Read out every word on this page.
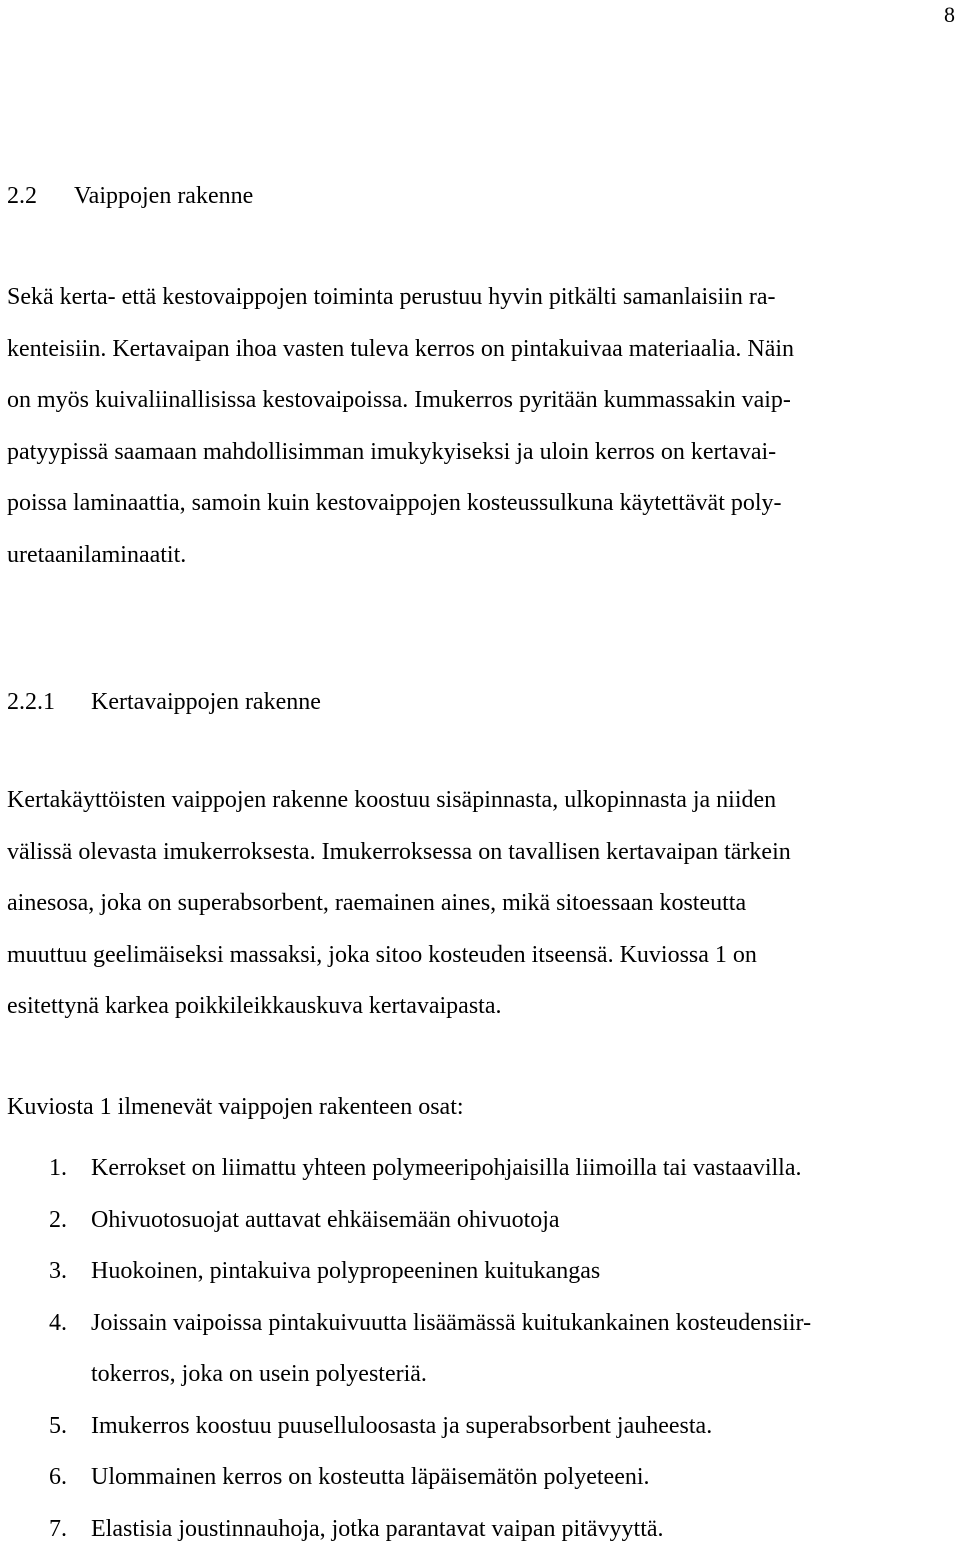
8
2.2 Vaippojen rakenne
Sekä kerta- että kestovaippojen toiminta perustuu hyvin pitkälti samanlaisiin ra-
kenteisiin. Kertavaipan ihoa vasten tuleva kerros on pintakuivaa materiaalia. Näin
on myös kuivaliinallisissa kestovaipoissa. Imukerros pyritään kummassakin vaip-
patyypissä saamaan mahdollisimman imukykyiseksi ja uloin kerros on kertavai-
poissa laminaattia, samoin kuin kestovaippojen kosteussulkuna käytettävät poly-
uretaanilaminaatit.
2.2.1 Kertavaippojen rakenne
Kertakäyttöisten vaippojen rakenne koostuu sisäpinnasta, ulkopinnasta ja niiden
välissä olevasta imukerroksesta. Imukerroksessa on tavallisen kertavaipan tärkein
ainesosa, joka on superabsorbent, raemainen aines, mikä sitoessaan kosteutta
muuttuu geelimäiseksi massaksi, joka sitoo kosteuden itseensä. Kuviossa 1 on
esitettynä karkea poikkileikkauskuva kertavaipasta.
Kuviosta 1 ilmenevät vaippojen rakenteen osat:
1. Kerrokset on liimattu yhteen polymeeripohjaisilla liimoilla tai vastaavilla.
2. Ohivuotosuojat auttavat ehkäisemään ohivuotoja
3. Huokoinen, pintakuiva polypropeeninen kuitukangas
4. Joissain vaipoissa pintakuivuutta lisäämässä kuitukankainen kosteudensiir-
tokerros, joka on usein polyesteriä.
5. Imukerros koostuu puuselluloosasta ja superabsorbent jauheesta.
6. Ulommainen kerros on kosteutta läpäisemätön polyeteeni.
7. Elastisia joustinnauhoja, jotka parantavat vaipan pitävyyttä.
